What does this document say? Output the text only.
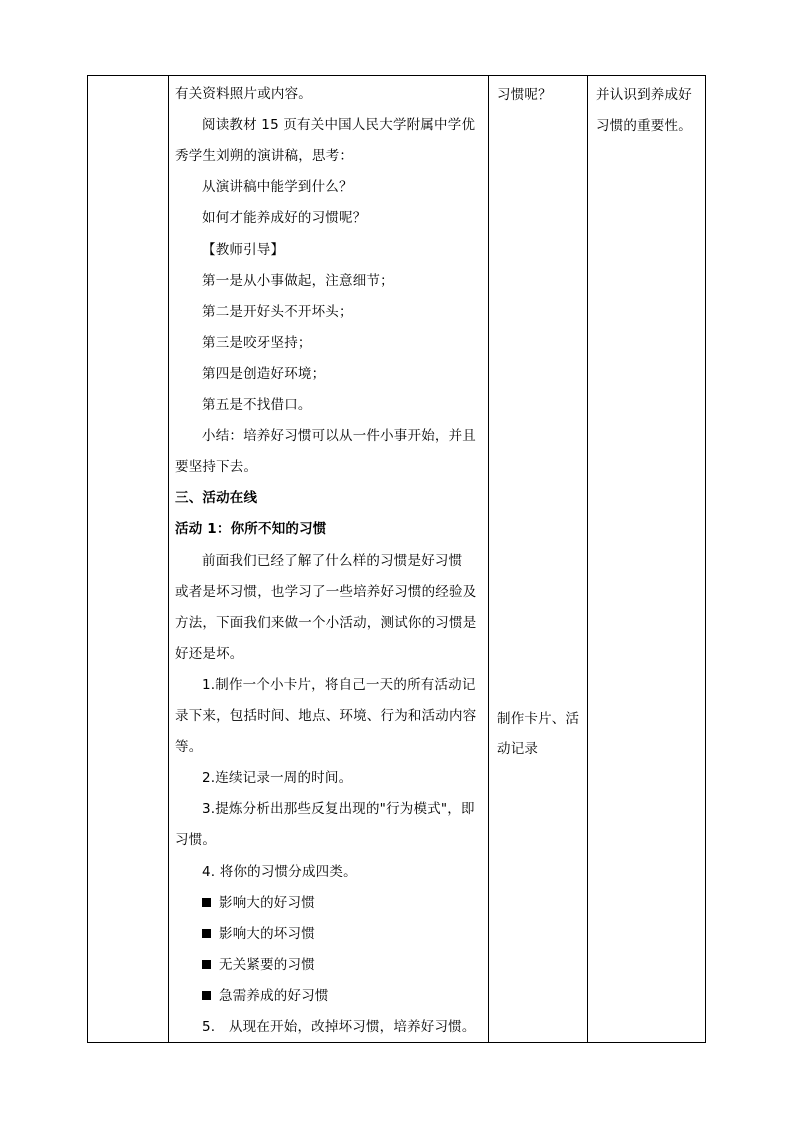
有关资料照片或内容。
阅读教材 15 页有关中国人民大学附属中学优
秀学生刘朔的演讲稿，思考：
从演讲稿中能学到什么？
如何才能养成好的习惯呢？
【教师引导】
第一是从小事做起，注意细节；
第二是开好头不开坏头；
第三是咬牙坚持；
第四是创造好环境；
第五是不找借口。
小结：培养好习惯可以从一件小事开始，并且
要坚持下去。
三、活动在线
活动 1：你所不知的习惯
前面我们已经了解了什么样的习惯是好习惯
或者是坏习惯，也学习了一些培养好习惯的经验及
方法，下面我们来做一个小活动，测试你的习惯是
好还是坏。
1.制作一个小卡片，将自己一天的所有活动记
录下来，包括时间、地点、环境、行为和活动内容
等。
2.连续记录一周的时间。
3.提炼分析出那些反复出现的"行为模式"，即
习惯。
4. 将你的习惯分成四类。
影响大的好习惯
影响大的坏习惯
无关紧要的习惯
急需养成的好习惯
5.　从现在开始，改掉坏习惯，培养好习惯。
习惯呢？
制作卡片、活
动记录
并认识到养成好
习惯的重要性。
